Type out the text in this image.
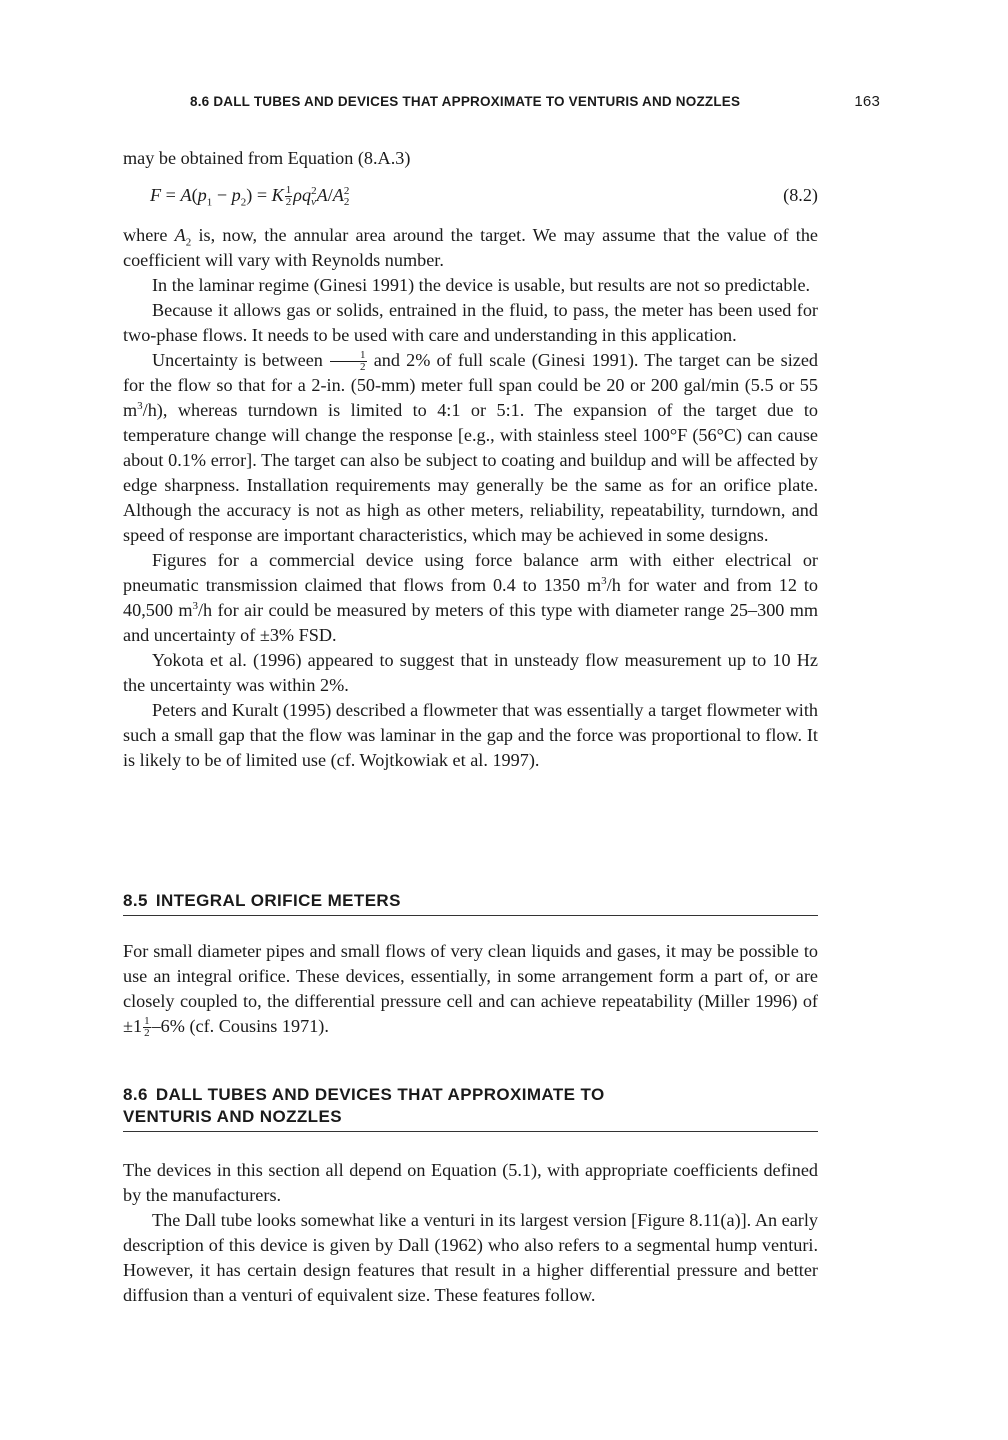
8.6 DALL TUBES AND DEVICES THAT APPROXIMATE TO VENTURIS AND NOZZLES	163

may be obtained from Equation (8.A.3)

$F = A(p_1 - p_2) = K \frac{1}{2}$ ρq 2
v A/A 2
2	(8.2)

where $A_2$ is, now, the annular area around the target. We may assume that the value of the coefficient will vary with Reynolds number.

In the laminar regime (Ginesi 1991) the device is usable, but results are not so predictable.

Because it allows gas or solids, entrained in the fluid, to pass, the meter has been used for two-phase flows. It needs to be used with care and understanding in this application.

Uncertainty is between $\frac{1}{2}$ and 2% of full scale (Ginesi 1991). The target can be sized for the flow so that for a 2-in. (50-mm) meter full span could be 20 or 200 gal/min (5.5 or 55 $m^3/h$), whereas turndown is limited to 4:1 or 5:1. The expansion of the target due to temperature change will change the response [e.g., with stainless steel 100°F (56°C) can cause about 0.1% error]. The target can also be subject to coating and buildup and will be affected by edge sharpness. Installation requirements may generally be the same as for an orifice plate. Although the accuracy is not as high as other meters, reliability, repeatability, turndown, and speed of response are important characteristics, which may be achieved in some designs.

Figures for a commercial device using force balance arm with either electrical or pneumatic transmission claimed that flows from 0.4 to 1350 $m^3/h$ for water and from 12 to 40,500 $m^3/h$ for air could be measured by meters of this type with diameter range 25–300 mm and uncertainty of ±3% FSD.

Yokota et al. (1996) appeared to suggest that in unsteady flow measurement up to 10 Hz the uncertainty was within 2%.

Peters and Kuralt (1995) described a flowmeter that was essentially a target flowmeter with such a small gap that the flow was laminar in the gap and the force was proportional to flow. It is likely to be of limited use (cf. Wojtkowiak et al. 1997).

8.5 INTEGRAL ORIFICE METERS

For small diameter pipes and small flows of very clean liquids and gases, it may be possible to use an integral orifice. These devices, essentially, in some arrangement form a part of, or are closely coupled to, the differential pressure cell and can achieve repeatability (Miller 1996) of $\pm 1 \frac{1}{2} -6\%$ (cf. Cousins 1971).

8.6 DALL TUBES AND DEVICES THAT APPROXIMATE TO
VENTURIS AND NOZZLES

The devices in this section all depend on Equation (5.1), with appropriate coefficients defined by the manufacturers.

The Dall tube looks somewhat like a venturi in its largest version [Figure 8.11(a)]. An early description of this device is given by Dall (1962) who also refers to a segmental hump venturi. However, it has certain design features that result in a higher differential pressure and better diffusion than a venturi of equivalent size. These features follow.
